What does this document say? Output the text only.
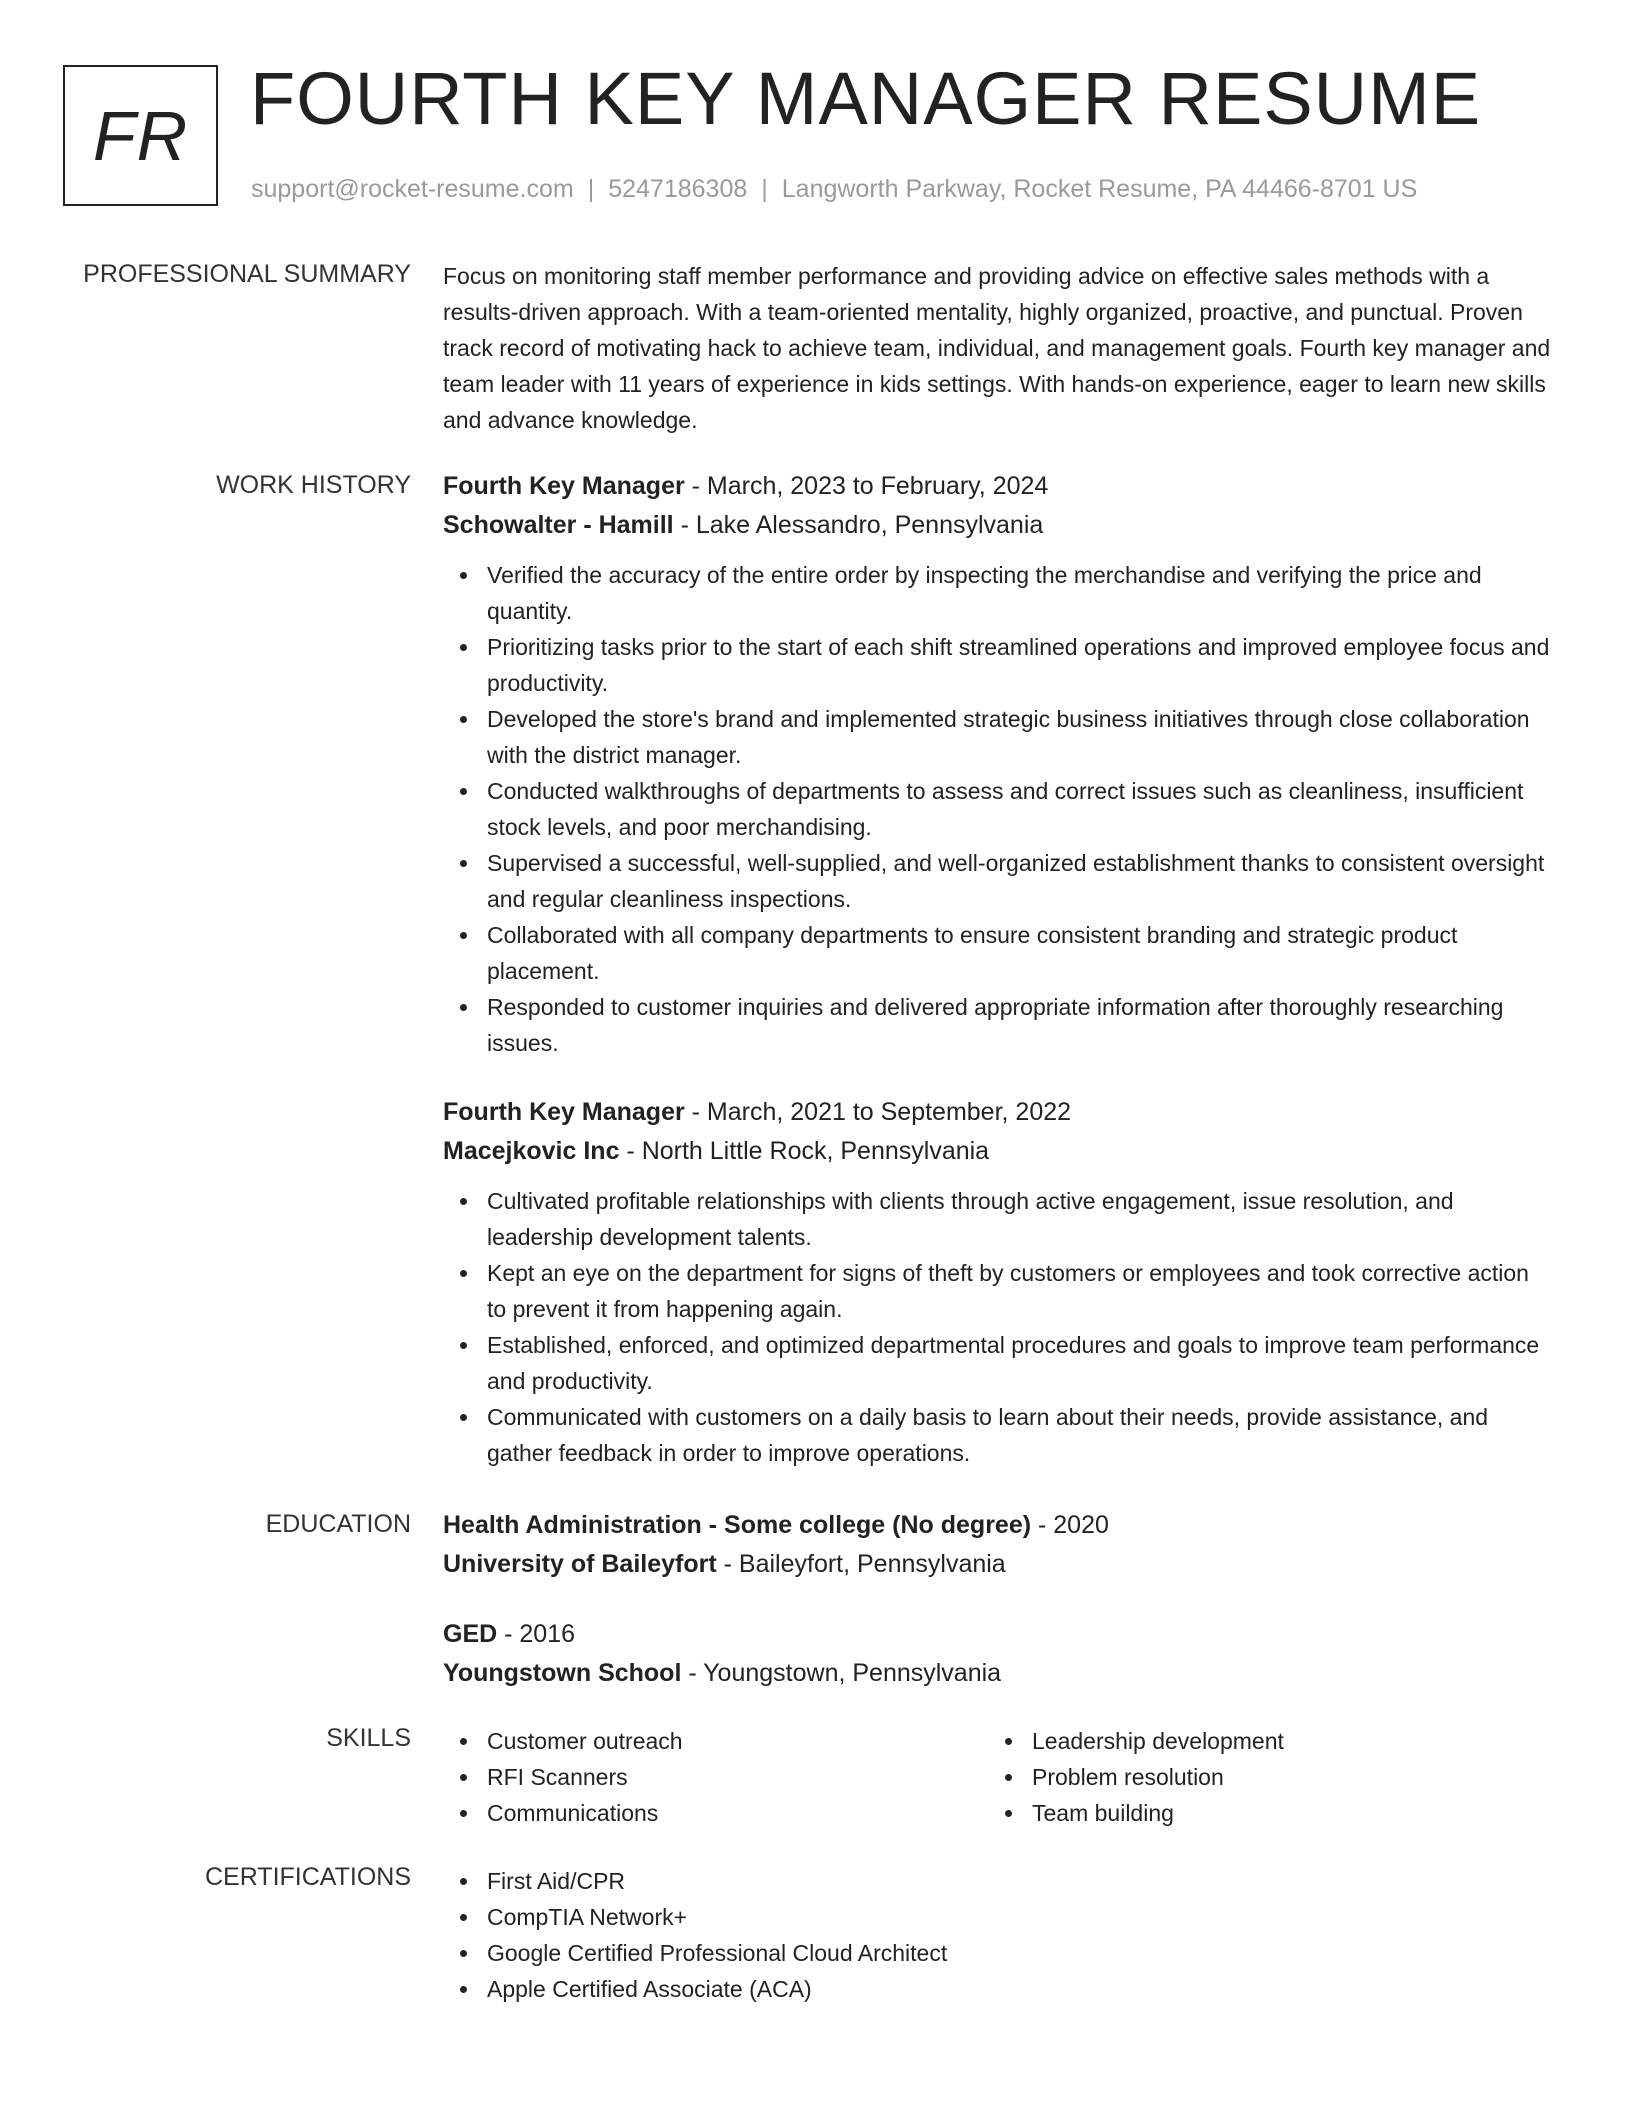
FR FOURTH KEY MANAGER RESUME
support@rocket-resume.com | 5247186308 | Langworth Parkway, Rocket Resume, PA 44466-8701 US
PROFESSIONAL SUMMARY Focus on monitoring staff member performance and providing advice on effective sales methods with a results-driven approach. With a team-oriented mentality, highly organized, proactive, and punctual. Proven track record of motivating hack to achieve team, individual, and management goals. Fourth key manager and team leader with 11 years of experience in kids settings. With hands-on experience, eager to learn new skills and advance knowledge.

WORK HISTORY Fourth Key Manager - March, 2023 to February, 2024
Schowalter - Hamill - Lake Alessandro, Pennsylvania
Verified the accuracy of the entire order by inspecting the merchandise and verifying the price and quantity.
Prioritizing tasks prior to the start of each shift streamlined operations and improved employee focus and productivity.
Developed the store's brand and implemented strategic business initiatives through close collaboration with the district manager.
Conducted walkthroughs of departments to assess and correct issues such as cleanliness, insufficient stock levels, and poor merchandising.
Supervised a successful, well-supplied, and well-organized establishment thanks to consistent oversight and regular cleanliness inspections.
Collaborated with all company departments to ensure consistent branding and strategic product placement.
Responded to customer inquiries and delivered appropriate information after thoroughly researching issues.
Fourth Key Manager - March, 2021 to September, 2022
Macejkovic Inc - North Little Rock, Pennsylvania
Cultivated profitable relationships with clients through active engagement, issue resolution, and leadership development talents.
Kept an eye on the department for signs of theft by customers or employees and took corrective action to prevent it from happening again.
Established, enforced, and optimized departmental procedures and goals to improve team performance and productivity.
Communicated with customers on a daily basis to learn about their needs, provide assistance, and gather feedback in order to improve operations.
EDUCATION Health Administration - Some college (No degree) - 2020
University of Baileyfort - Baileyfort, Pennsylvania
GED - 2016
Youngstown School - Youngstown, Pennsylvania
SKILLS	Customer outreach
RFI Scanners
Communications
Leadership development
Problem resolution
Team building
CERTIFICATIONS	First Aid/CPR
CompTIA Network+
Google Certified Professional Cloud Architect
Apple Certified Associate (ACA)
